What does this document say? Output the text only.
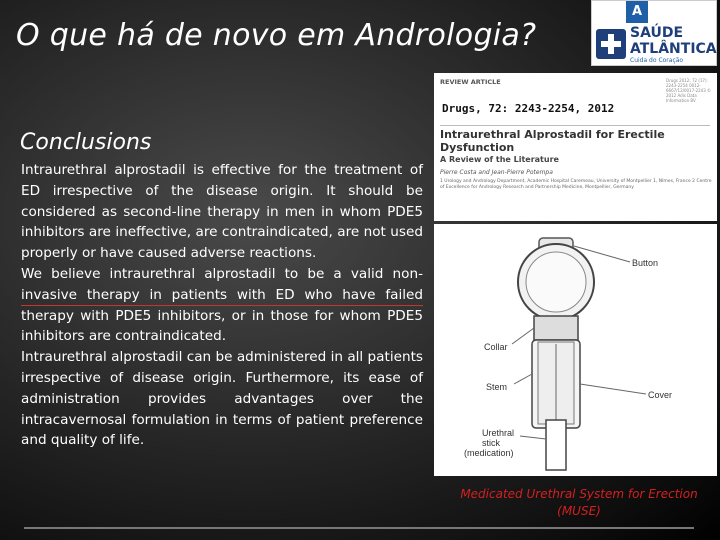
O que há de novo em Andrologia?
A
SAÚDE
ATLÂNTICA
Cuida do Coração
Conclusions

Intraurethral alprostadil is effective for the treatment of ED irrespective of the disease origin. It should be considered as second-line therapy in men in whom PDE5 inhibitors are ineffective, are contraindicated, are not used properly or have caused adverse reactions.

We believe intraurethral alprostadil to be a valid non-invasive therapy in patients with ED who have failed therapy with PDE5 inhibitors, or in those for whom PDE5 inhibitors are contraindicated.

Intraurethral alprostadil can be administered in all patients irrespective of disease origin. Furthermore, its ease of administration provides advantages over the intracavernosal formulation in terms of patient preference and quality of life.

REVIEW ARTICLE	Drugs 2012; 72 (17): 2243-2254 0012-6667/12/0017-2243 © 2012 Adis Data Information BV
Drugs, 72: 2243-2254, 2012
Intraurethral Alprostadil for Erectile Dysfunction
A Review of the Literature
Pierre Costa and Jean-Pierre Potempa
1 Urology and Andrology Department, Academic Hospital Caremeau, University of Montpellier 1, Nîmes, France 2 Centre of Excellence for Andrology Research and Partnership Medicine, Montpellier, Germany
Button
Collar
Stem
Cover
Urethral
stick
(medication)
Medicated Urethral System for Erection (MUSE)
